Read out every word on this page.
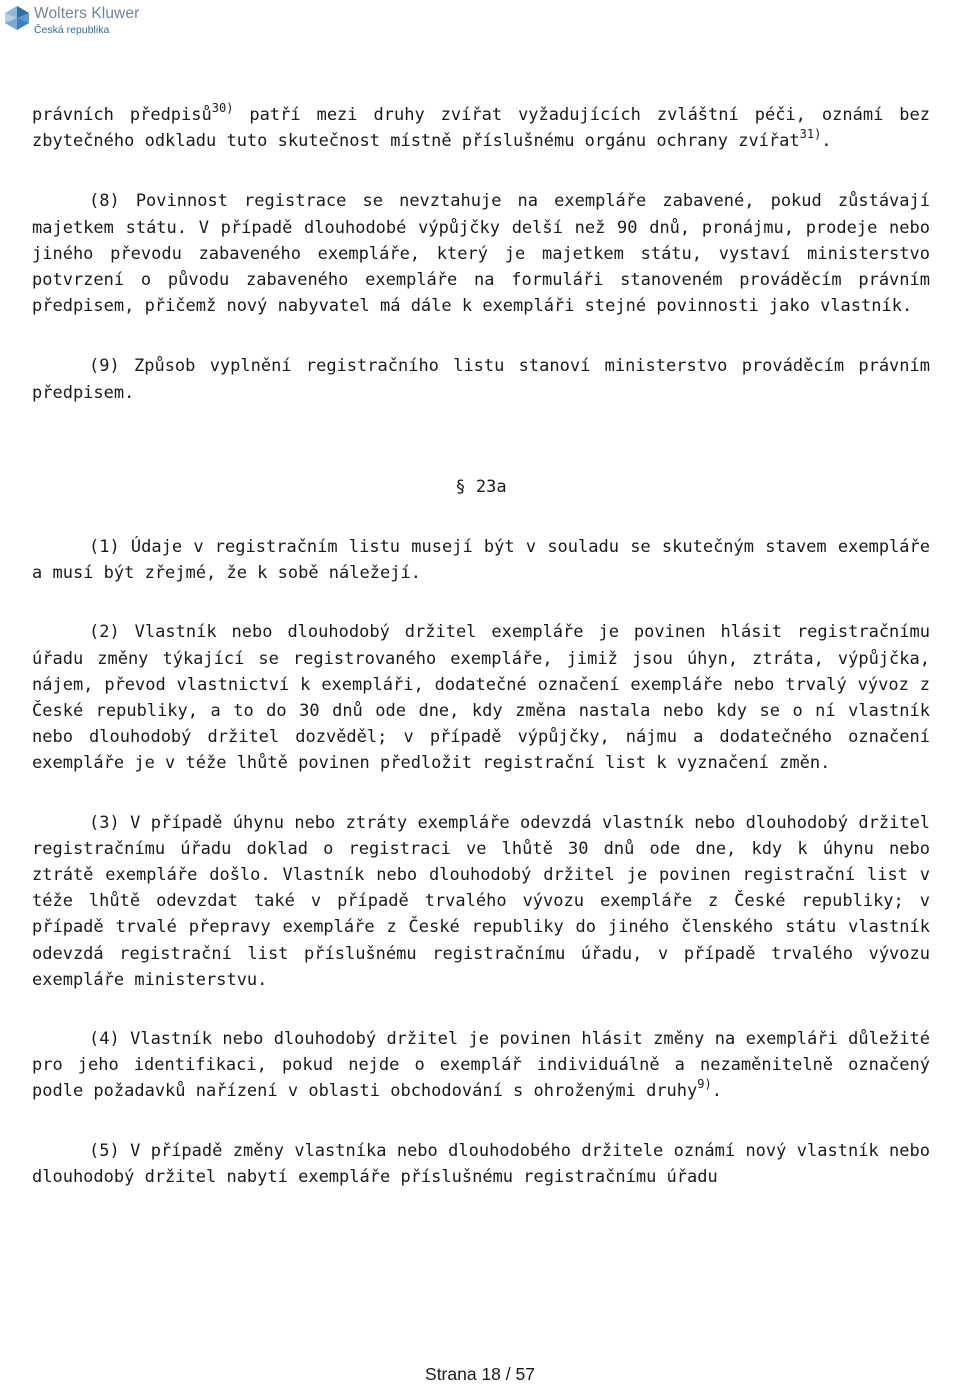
Wolters Kluwer
Česká republika

právních předpisů$^{30)}$ patří mezi druhy zvířat vyžadujících zvláštní péči, oznámí bez zbytečného odkladu tuto skutečnost místně příslušnému orgánu ochrany zvířat$^{31)}$.

(8) Povinnost registrace se nevztahuje na exempláře zabavené, pokud zůstávají majetkem státu. V případě dlouhodobé výpůjčky delší než 90 dnů, pronájmu, prodeje nebo jiného převodu zabaveného exempláře, který je majetkem státu, vystaví ministerstvo potvrzení o původu zabaveného exempláře na formuláři stanoveném prováděcím právním předpisem, přičemž nový nabyvatel má dále k exempláři stejné povinnosti jako vlastník.

(9) Způsob vyplnění registračního listu stanoví ministerstvo prováděcím právním předpisem.

§ 23a

(1) Údaje v registračním listu musejí být v souladu se skutečným stavem exempláře a musí být zřejmé, že k sobě náležejí.

(2) Vlastník nebo dlouhodobý držitel exempláře je povinen hlásit registračnímu úřadu změny týkající se registrovaného exempláře, jimiž jsou úhyn, ztráta, výpůjčka, nájem, převod vlastnictví k exempláři, dodatečné označení exempláře nebo trvalý vývoz z České republiky, a to do 30 dnů ode dne, kdy změna nastala nebo kdy se o ní vlastník nebo dlouhodobý držitel dozvěděl; v případě výpůjčky, nájmu a dodatečného označení exempláře je v téže lhůtě povinen předložit registrační list k vyznačení změn.

(3) V případě úhynu nebo ztráty exempláře odevzdá vlastník nebo dlouhodobý držitel registračnímu úřadu doklad o registraci ve lhůtě 30 dnů ode dne, kdy k úhynu nebo ztrátě exempláře došlo. Vlastník nebo dlouhodobý držitel je povinen registrační list v téže lhůtě odevzdat také v případě trvalého vývozu exempláře z České republiky; v případě trvalé přepravy exempláře z České republiky do jiného členského státu vlastník odevzdá registrační list příslušnému registračnímu úřadu, v případě trvalého vývozu exempláře ministerstvu.

(4) Vlastník nebo dlouhodobý držitel je povinen hlásit změny na exempláři důležité pro jeho identifikaci, pokud nejde o exemplář individuálně a nezaměnitelně označený podle požadavků nařízení v oblasti obchodování s ohroženými druhy$^{9)}$.

(5) V případě změny vlastníka nebo dlouhodobého držitele oznámí nový vlastník nebo dlouhodobý držitel nabytí exempláře příslušnému registračnímu úřadu

Strana 18 / 57
